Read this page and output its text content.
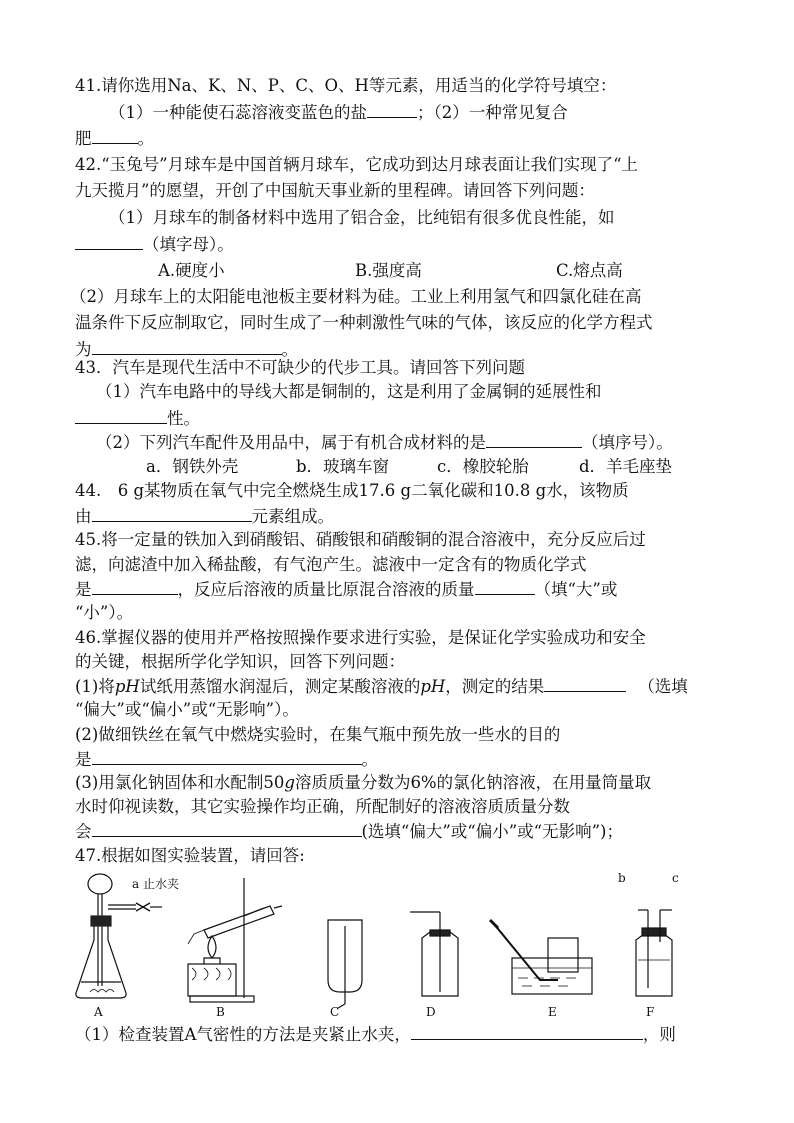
41.请你选用Na、K、N、P、C、O、H等元素，用适当的化学符号填空：
（1）一种能使石蕊溶液变蓝色的盐	；（2）一种常见复合
肥	。
42.“玉兔号”月球车是中国首辆月球车，它成功到达月球表面让我们实现了“上
九天揽月”的愿望，开创了中国航天事业新的里程碑。请回答下列问题：
（1）月球车的制备材料中选用了铝合金，比纯铝有很多优良性能，如
（填字母）。
A.硬度小	B.强度高	C.熔点高
（2）月球车上的太阳能电池板主要材料为硅。工业上利用氢气和四氯化硅在高
温条件下反应制取它，同时生成了一种刺激性气味的气体，该反应的化学方程式
为	。
43．汽车是现代生活中不可缺少的代步工具。请回答下列问题
（1）汽车电路中的导线大都是铜制的，这是利用了金属铜的延展性和
性。
（2）下列汽车配件及用品中，属于有机合成材料的是	（填序号）。
a．钢铁外壳	b．玻璃车窗	c．橡胶轮胎	d．羊毛座垫
44.　6 g某物质在氧气中完全燃烧生成17.6 g二氧化碳和10.8 g水，该物质
由	元素组成。
45.将一定量的铁加入到硝酸铝、硝酸银和硝酸铜的混合溶液中，充分反应后过
滤，向滤渣中加入稀盐酸，有气泡产生。滤液中一定含有的物质化学式
是	，反应后溶液的质量比原混合溶液的质量	（填“大”或
“小”）。
46.掌握仪器的使用并严格按照操作要求进行实验，是保证化学实验成功和安全
的关键，根据所学化学知识，回答下列问题：
(1)将pH试纸用蒸馏水润湿后，测定某酸溶液的pH，测定的结果	（选填
“偏大”或“偏小”或“无影响”）。
(2)做细铁丝在氧气中燃烧实验时，在集气瓶中预先放一些水的目的
是	。
(3)用氯化钠固体和水配制50g溶质质量分数为6%的氯化钠溶液，在用量筒量取
水时仰视读数，其它实验操作均正确，所配制好的溶液溶质质量分数
会	(选填“偏大”或“偏小”或“无影响”)；
47.根据如图实验装置，请回答:
a 止水夹	b	c
A	B	C	D	E	F
（1）检查装置A气密性的方法是夹紧止水夹，	，则
